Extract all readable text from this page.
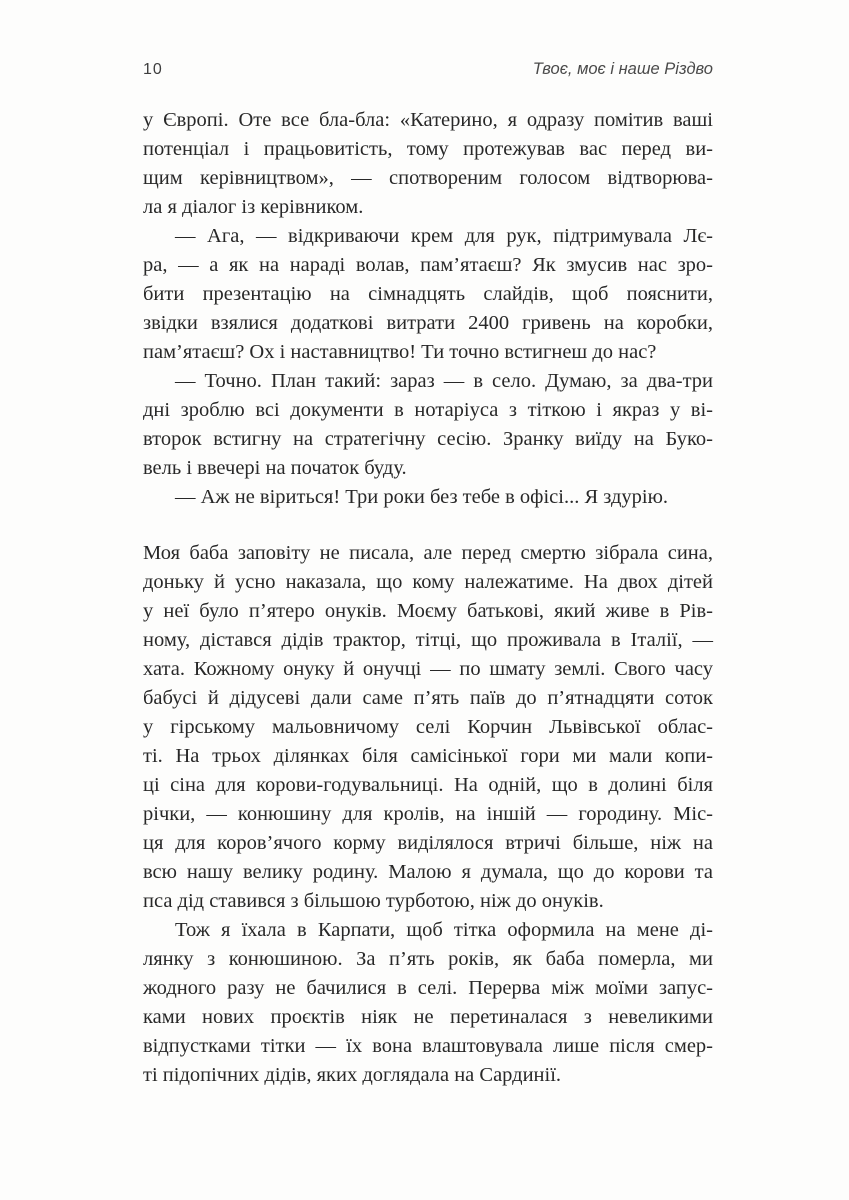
10	Твоє, моє і наше Різдво

у Європі. Оте все бла-бла: «Катерино, я одразу помітив ваші
потенціал і працьовитість, тому протежував вас перед ви-
щим керівництвом», — спотвореним голосом відтворюва-
ла я діалог із керівником.

— Ага, — відкриваючи крем для рук, підтримувала Лє-
ра, — а як на нараді волав, пам’ятаєш? Як змусив нас зро-
бити презентацію на сімнадцять слайдів, щоб пояснити,
звідки взялися додаткові витрати 2400 гривень на коробки,
пам’ятаєш? Ох і наставництво! Ти точно встигнеш до нас?

— Точно. План такий: зараз — в село. Думаю, за два-три
дні зроблю всі документи в нотаріуса з тіткою і якраз у ві-
второк встигну на стратегічну сесію. Зранку виїду на Буко-
вель і ввечері на початок буду.

— Аж не віриться! Три роки без тебе в офісі... Я здурію.

Моя баба заповіту не писала, але перед смертю зібрала сина,
доньку й усно наказала, що кому належатиме. На двох дітей
у неї було п’ятеро онуків. Моєму батькові, який живе в Рів-
ному, дістався дідів трактор, тітці, що проживала в Італії, —
хата. Кожному онуку й онучці — по шмату землі. Свого часу
бабусі й дідусеві дали саме п’ять паїв до п’ятнадцяти соток
у гірському мальовничому селі Корчин Львівської облас-
ті. На трьох ділянках біля самісінької гори ми мали копи-
ці сіна для корови-годувальниці. На одній, що в долині біля
річки, — конюшину для кролів, на іншій — городину. Міс-
ця для коров’ячого корму виділялося втричі більше, ніж на
всю нашу велику родину. Малою я думала, що до корови та
пса дід ставився з більшою турботою, ніж до онуків.

Тож я їхала в Карпати, щоб тітка оформила на мене ді-
лянку з конюшиною. За п’ять років, як баба померла, ми
жодного разу не бачилися в селі. Перерва між моїми запус-
ками нових проєктів ніяк не перетиналася з невеликими
відпустками тітки — їх вона влаштовувала лише після смер-
ті підопічних дідів, яких доглядала на Сардинії.
